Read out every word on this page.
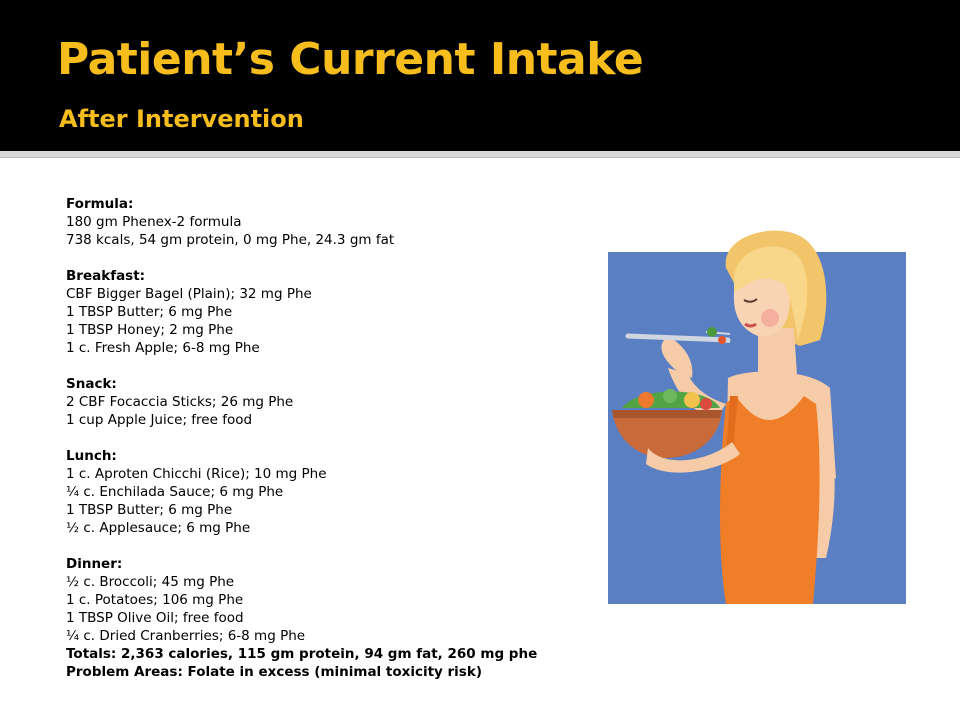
Patient’s Current Intake
After Intervention
Formula:
180 gm Phenex-2 formula
738 kcals, 54 gm protein, 0 mg Phe, 24.3 gm fat
Breakfast:
CBF Bigger Bagel (Plain); 32 mg Phe
1 TBSP Butter; 6 mg Phe
1 TBSP Honey; 2 mg Phe
1 c. Fresh Apple; 6-8 mg Phe
Snack:
2 CBF Focaccia Sticks; 26 mg Phe
1 cup Apple Juice; free food
Lunch:
1 c. Aproten Chicchi (Rice); 10 mg Phe
¼ c. Enchilada Sauce; 6 mg Phe
1 TBSP Butter; 6 mg Phe
½ c. Applesauce; 6 mg Phe
Dinner:
½ c. Broccoli; 45 mg Phe
1 c. Potatoes; 106 mg Phe
1 TBSP Olive Oil; free food
¼ c. Dried Cranberries; 6-8 mg Phe
Totals: 2,363 calories, 115 gm protein, 94 gm fat, 260 mg phe
Problem Areas: Folate in excess (minimal toxicity risk)
